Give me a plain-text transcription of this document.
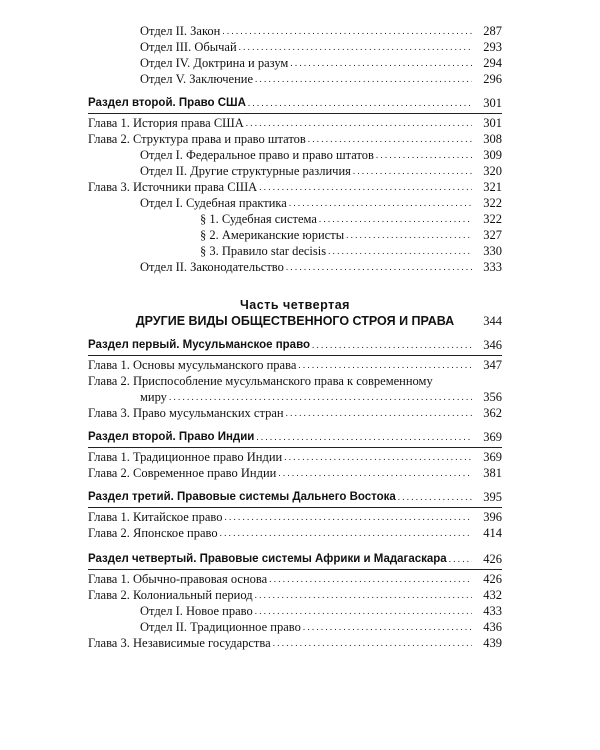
Отдел II. Закон . . .	287
Отдел III. Обычай . . .	293
Отдел IV. Доктрина и разум . . .	294
Отдел V. Заключение . . .	296
Раздел второй. Право США . . .	301
Глава 1. История права США . . .	301
Глава 2. Структура права и право штатов . . .	308
Отдел I. Федеральное право и право штатов . . .	309
Отдел II. Другие структурные различия . . .	320
Глава 3. Источники права США . . .	321
Отдел I. Судебная практика . . .	322
§ 1. Судебная система . . .	322
§ 2. Американские юристы . . .	327
§ 3. Правило star decisis . . .	330
Отдел II. Законодательство . . .	333
Часть четвертая
ДРУГИЕ ВИДЫ ОБЩЕСТВЕННОГО СТРОЯ И ПРАВА	344
Раздел первый. Мусульманское право . . .	346
Глава 1. Основы мусульманского права . . .	347
Глава 2. Приспособление мусульманского права к современному
миру . . .	356
Глава 3. Право мусульманских стран . . .	362
Раздел второй. Право Индии . . .	369
Глава 1. Традиционное право Индии . . .	369
Глава 2. Современное право Индии . . .	381
Раздел третий. Правовые системы Дальнего Востока . . .	395
Глава 1. Китайское право . . .	396
Глава 2. Японское право . . .	414
Раздел четвертый. Правовые системы Африки и Мадагаскара . . .	426
Глава 1. Обычно-правовая основа . . .	426
Глава 2. Колониальный период . . .	432
Отдел I. Новое право . . .	433
Отдел II. Традиционное право . . .	436
Глава 3. Независимые государства . . .	439
